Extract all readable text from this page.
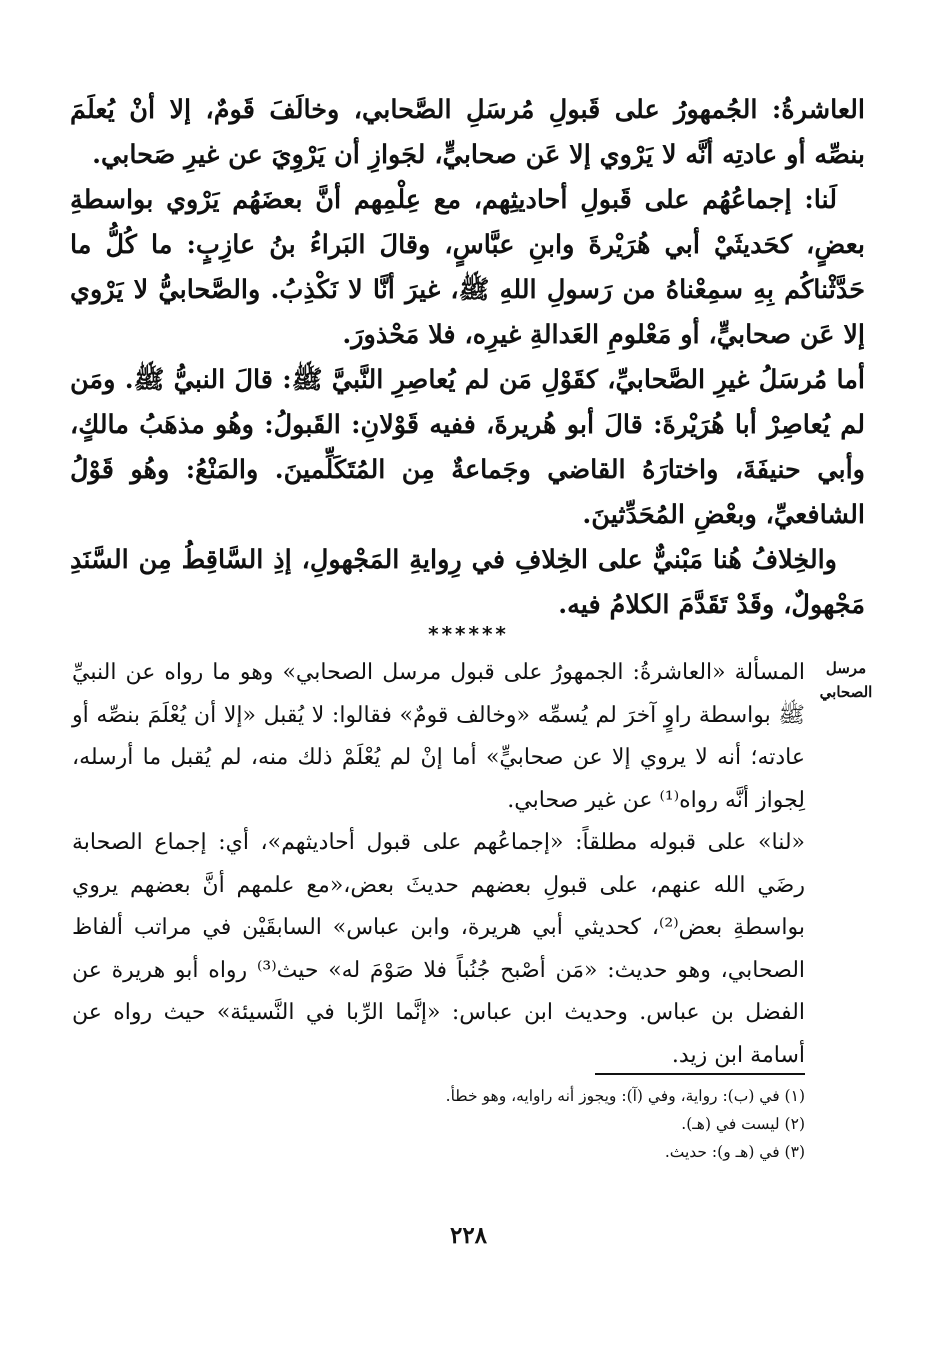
العاشرةُ: الجُمهورُ على قَبولِ مُرسَلِ الصَّحابي، وخالَفَ قَومٌ، إلا أنْ يُعلَمَ بنصِّه أو عادتِه أنَّه لا يَرْوي إلا عَن صحابيٍّ، لجَوازِ أن يَرْوِيَ عن غيرِ صَحابي.

لَنا: إجماعُهُم على قَبولِ أحاديثِهم، مع عِلْمِهم أنَّ بعضَهُم يَرْوي بواسطةِ بعضٍ، كحَديثَيْ أبي هُرَيْرةَ وابنِ عبَّاسٍ، وقالَ البَراءُ بنُ عازِبٍ: ما كُلُّ ما حَدَّثْناكُم بِهِ سمِعْناهُ من رَسولِ اللهِ ﷺ، غيرَ أنَّا لا نَكْذِبُ. والصَّحابيُّ لا يَرْوي إلا عَن صحابيٍّ، أو مَعْلومِ العَدالةِ غيرِه، فلا مَحْذورَ.

أما مُرسَلُ غيرِ الصَّحابيِّ، كقَوْلِ مَن لم يُعاصِرِ النَّبيَّ ﷺ: قالَ النبيُّ ﷺ. ومَن لم يُعاصِرْ أبا هُرَيْرةَ: قالَ أبو هُريرةَ، ففيه قَوْلانِ: القَبولُ: وهُو مذهَبُ مالكٍ، وأبي حنيفَةَ، واختارَهُ القاضي وجَماعةٌ مِن المُتَكَلِّمينَ. والمَنْعُ: وهُو قَوْلُ الشافعيِّ، وبعْضِ المُحَدِّثينَ.

والخِلافُ هُنا مَبْنيٌّ على الخِلافِ في رِوايةِ المَجْهولِ، إذِ السَّاقِطُ مِن السَّنَدِ مَجْهولٌ، وقَدْ تَقَدَّمَ الكلامُ فيه.

******
مرسل الصحابي

المسألة «العاشرةُ: الجمهورُ على قبول مرسل الصحابي» وهو ما رواه عن النبيِّ ﷺ بواسطة راوٍ آخرَ لم يُسمِّه «وخالف قومٌ» فقالوا: لا يُقبل «إلا أن يُعْلَمَ بنصِّه أو عادته؛ أنه لا يروي إلا عن صحابيٍّ» أما إنْ لم يُعْلَمْ ذلك منه، لم يُقبل ما أرسله، لِجواز أنَّه رواه⁽¹⁾ عن غير صحابي.

«لنا» على قبوله مطلقاً: «إجماعُهم على قبول أحاديثهم»، أي: إجماع الصحابة رضَي الله عنهم، على قبولِ بعضهم حديثَ بعض،«مع علمهم أنَّ بعضهم يروي بواسطةِ بعض⁽²⁾، كحديثي أبي هريرة، وابن عباس» السابقَيْن في مراتب ألفاظ الصحابي، وهو حديث: «مَن أصْبح جُنُباً فلا صَوْمَ له» حيث⁽³⁾ رواه أبو هريرة عن الفضل بن عباس. وحديث ابن عباس: «إنَّما الرِّبا في النَّسيئة» حيث رواه عن أسامة ابن زيد.

(١) في (ب): رواية، وفي (آ): ويجوز أنه راوايه، وهو خطأ.
(٢) ليست في (هـ).
(٣) في (هـ و): حديث.
٢٢٨
